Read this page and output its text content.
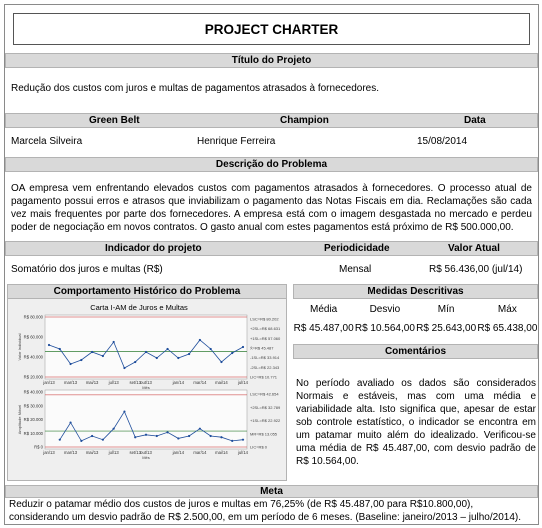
PROJECT CHARTER
Título do Projeto
Redução dos custos com juros e multas de pagamentos atrasados à fornecedores.
Green Belt	Champion	Data
Marcela Silveira	Henrique Ferreira	15/08/2014
Descrição do Problema
OA empresa vem enfrentando elevados custos com pagamentos atrasados à fornecedores. O processo atual de pagamento possui erros e atrasos que inviabilizam o pagamento das Notas Fiscais em dia. Reclamações são cada vez mais frequentes por parte dos fornecedores. A empresa está com o imagem desgastada no mercado e perdeu poder de negociação em novos contratos. O gasto anual com estes pagamentos está próximo de R$ 500.000,00.
Indicador do projeto	Periodicidade	Valor Atual
Somatório dos juros e multas (R$)	Mensal	R$ 56.436,00 (jul/14)
Comportamento Histórico do Problema
Carta I-AM de Juros e Multas
R$ 80.000
R$ 60.000
R$ 40.000
R$ 20.000
Valor Individual
LSC=R$ 80.202
+2SL=R$ 68.631
+1SL=R$ 57.060
X̄=R$ 45.487
-1SL=R$ 33.914
-2SL=R$ 22.343
LIC=R$ 10.771
jan/13 mar/13 mai/13 jul/13	set/13 out/13	jan/14 mar/14 mai/14 jul/14
Mês
R$ 40.000
R$ 30.000
R$ 20.000
R$ 10.000
R$ 0
Amplitude Móvel
LSC=R$ 42.654
+2SL=R$ 32.789
+1SL=R$ 22.922
MR=R$ 13.055
LIC=R$ 0
jan/13 mar/13 mai/13 jul/13	set/13 out/13	jan/14 mar/14 mai/14 jul/14
Mês
Medidas Descritivas
Média	Desvio	Mín	Máx
R$ 45.487,00 R$ 10.564,00 R$ 25.643,00 R$ 65.438,00
Comentários
No período avaliado os dados são considerados Normais e estáveis, mas com uma média e variabilidade alta. Isto significa que, apesar de estar sob controle estatístico, o indicador se encontra em um patamar muito além do idealizado. Verificou-se uma média de R$ 45.487,00, com desvio padrão de R$ 10.564,00.
Meta
Reduzir o patamar médio dos custos de juros e multas em 76,25% (de R$ 45.487,00 para R$10.800,00), considerando um desvio padrão de R$ 2.500,00, em um período de 6 meses. (Baseline: janeiro/2013 – julho/2014).
